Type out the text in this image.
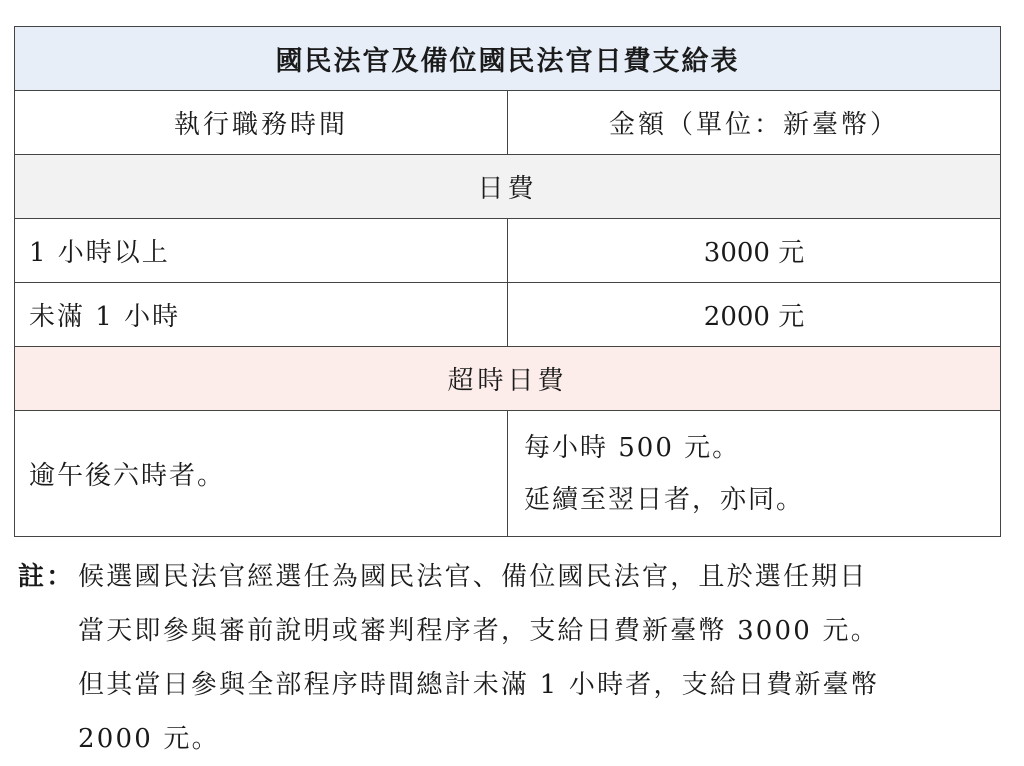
國民法官及備位國民法官日費支給表	
執行職務時間	金額（單位：新臺幣）
日費	
1 小時以上	3000 元
未滿 1 小時	2000 元
超時日費	
逾午後六時者。	每小時 500 元。
延續至翌日者，亦同。
註： 候選國民法官經選任為國民法官、備位國民法官，且於選任期日
當天即參與審前說明或審判程序者，支給日費新臺幣 3000 元。
但其當日參與全部程序時間總計未滿 1 小時者，支給日費新臺幣
2000 元。
